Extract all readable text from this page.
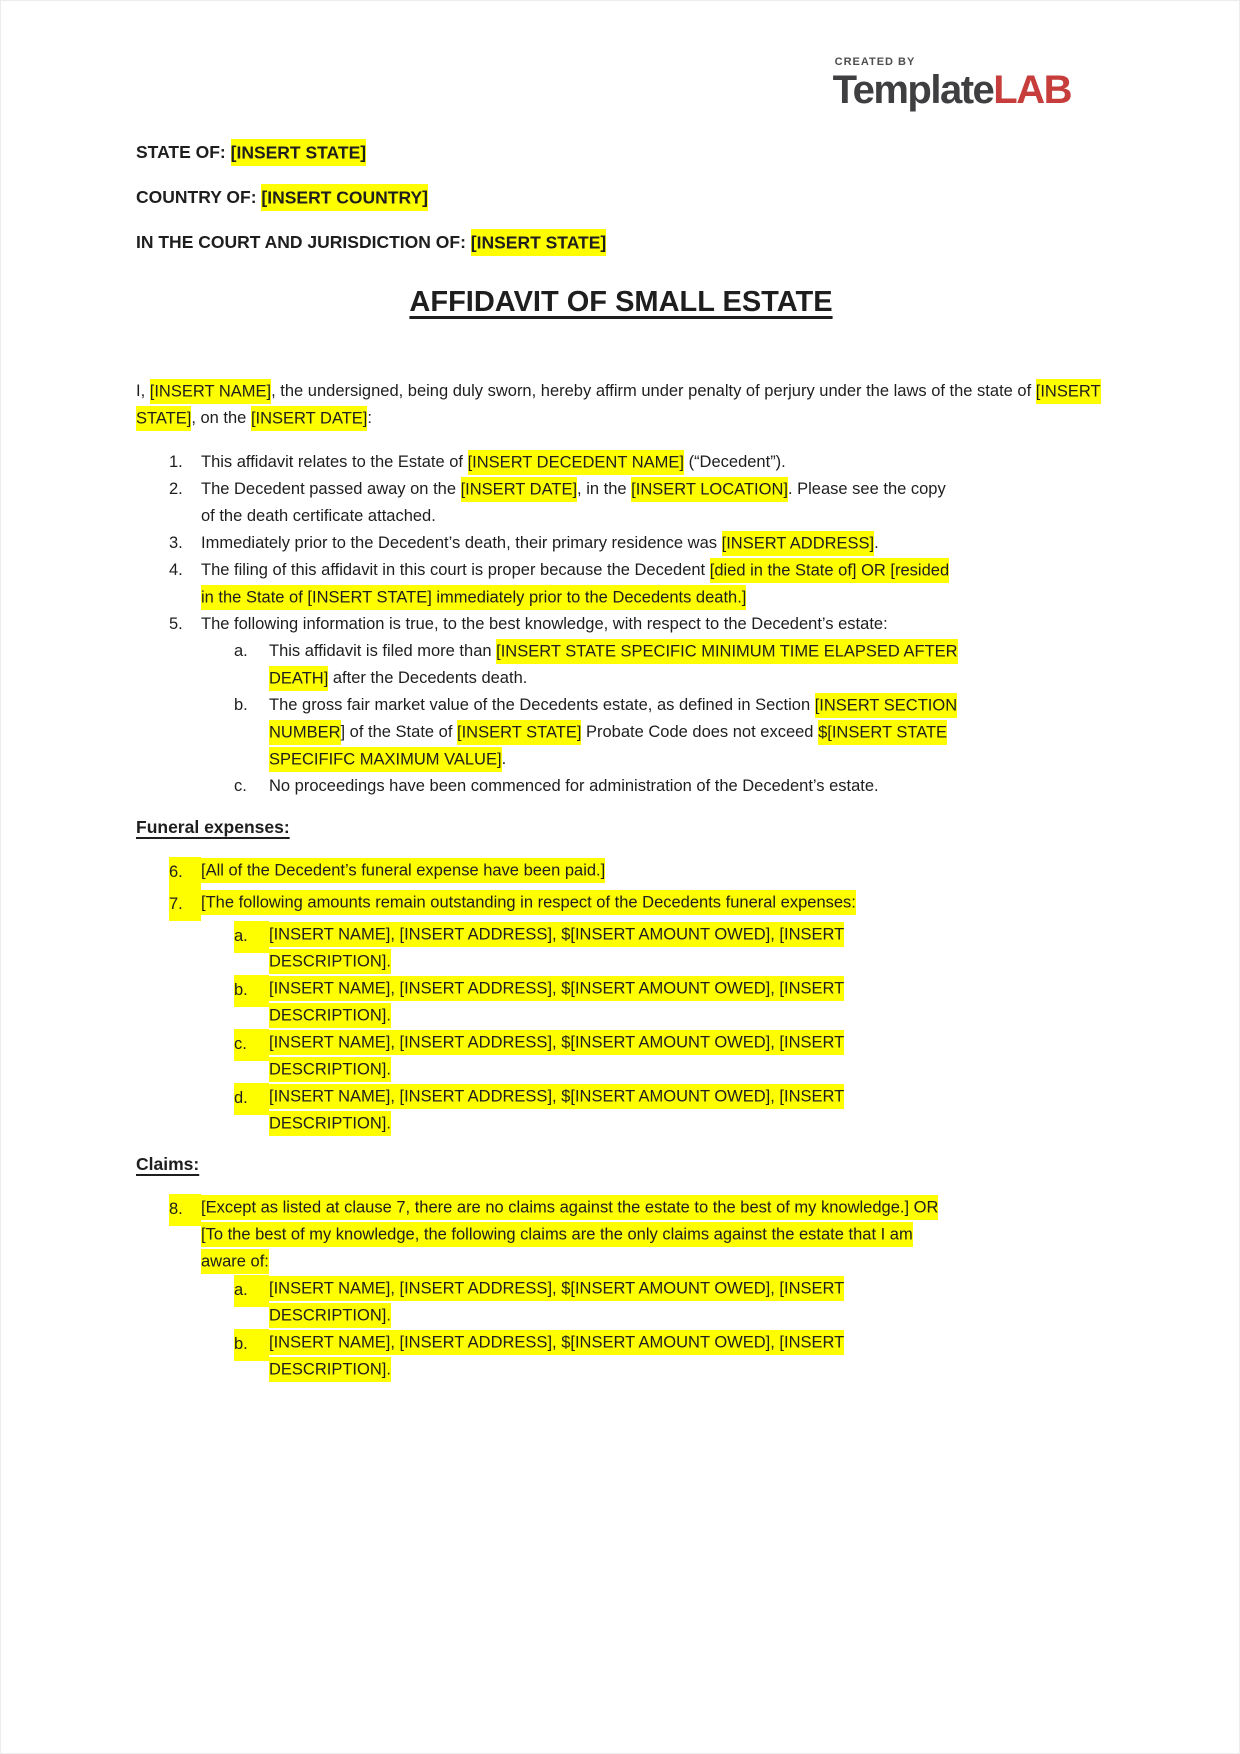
CREATED BY
TemplateLAB

STATE OF: [INSERT STATE]

COUNTRY OF: [INSERT COUNTRY]

IN THE COURT AND JURISDICTION OF: [INSERT STATE]

AFFIDAVIT OF SMALL ESTATE

I, [INSERT NAME], the undersigned, being duly sworn, hereby affirm under penalty of perjury under the laws of the state of [INSERT STATE], on the [INSERT DATE]:

1.	This affidavit relates to the Estate of [INSERT DECEDENT NAME] (“Decedent”).
2.	The Decedent passed away on the [INSERT DATE], in the [INSERT LOCATION]. Please see the copy of the death certificate attached.
3.	Immediately prior to the Decedent’s death, their primary residence was [INSERT ADDRESS].
4.	The filing of this affidavit in this court is proper because the Decedent [died in the State of] OR [resided in the State of [INSERT STATE] immediately prior to the Decedents death.]
5.	The following information is true, to the best knowledge, with respect to the Decedent’s estate:
a.	This affidavit is filed more than [INSERT STATE SPECIFIC MINIMUM TIME ELAPSED AFTER DEATH] after the Decedents death.
b.	The gross fair market value of the Decedents estate, as defined in Section [INSERT SECTION NUMBER] of the State of [INSERT STATE] Probate Code does not exceed $[INSERT STATE SPECIFIFC MAXIMUM VALUE].
c.	No proceedings have been commenced for administration of the Decedent’s estate.
Funeral expenses:
6.	[All of the Decedent’s funeral expense have been paid.]
7.	[The following amounts remain outstanding in respect of the Decedents funeral expenses:
a.	[INSERT NAME], [INSERT ADDRESS], $[INSERT AMOUNT OWED], [INSERT DESCRIPTION].
b.	[INSERT NAME], [INSERT ADDRESS], $[INSERT AMOUNT OWED], [INSERT DESCRIPTION].
c.	[INSERT NAME], [INSERT ADDRESS], $[INSERT AMOUNT OWED], [INSERT DESCRIPTION].
d.	[INSERT NAME], [INSERT ADDRESS], $[INSERT AMOUNT OWED], [INSERT DESCRIPTION].
Claims:
8.	[Except as listed at clause 7, there are no claims against the estate to the best of my knowledge.] OR [To the best of my knowledge, the following claims are the only claims against the estate that I am aware of:
a.	[INSERT NAME], [INSERT ADDRESS], $[INSERT AMOUNT OWED], [INSERT DESCRIPTION].
b.	[INSERT NAME], [INSERT ADDRESS], $[INSERT AMOUNT OWED], [INSERT DESCRIPTION].
